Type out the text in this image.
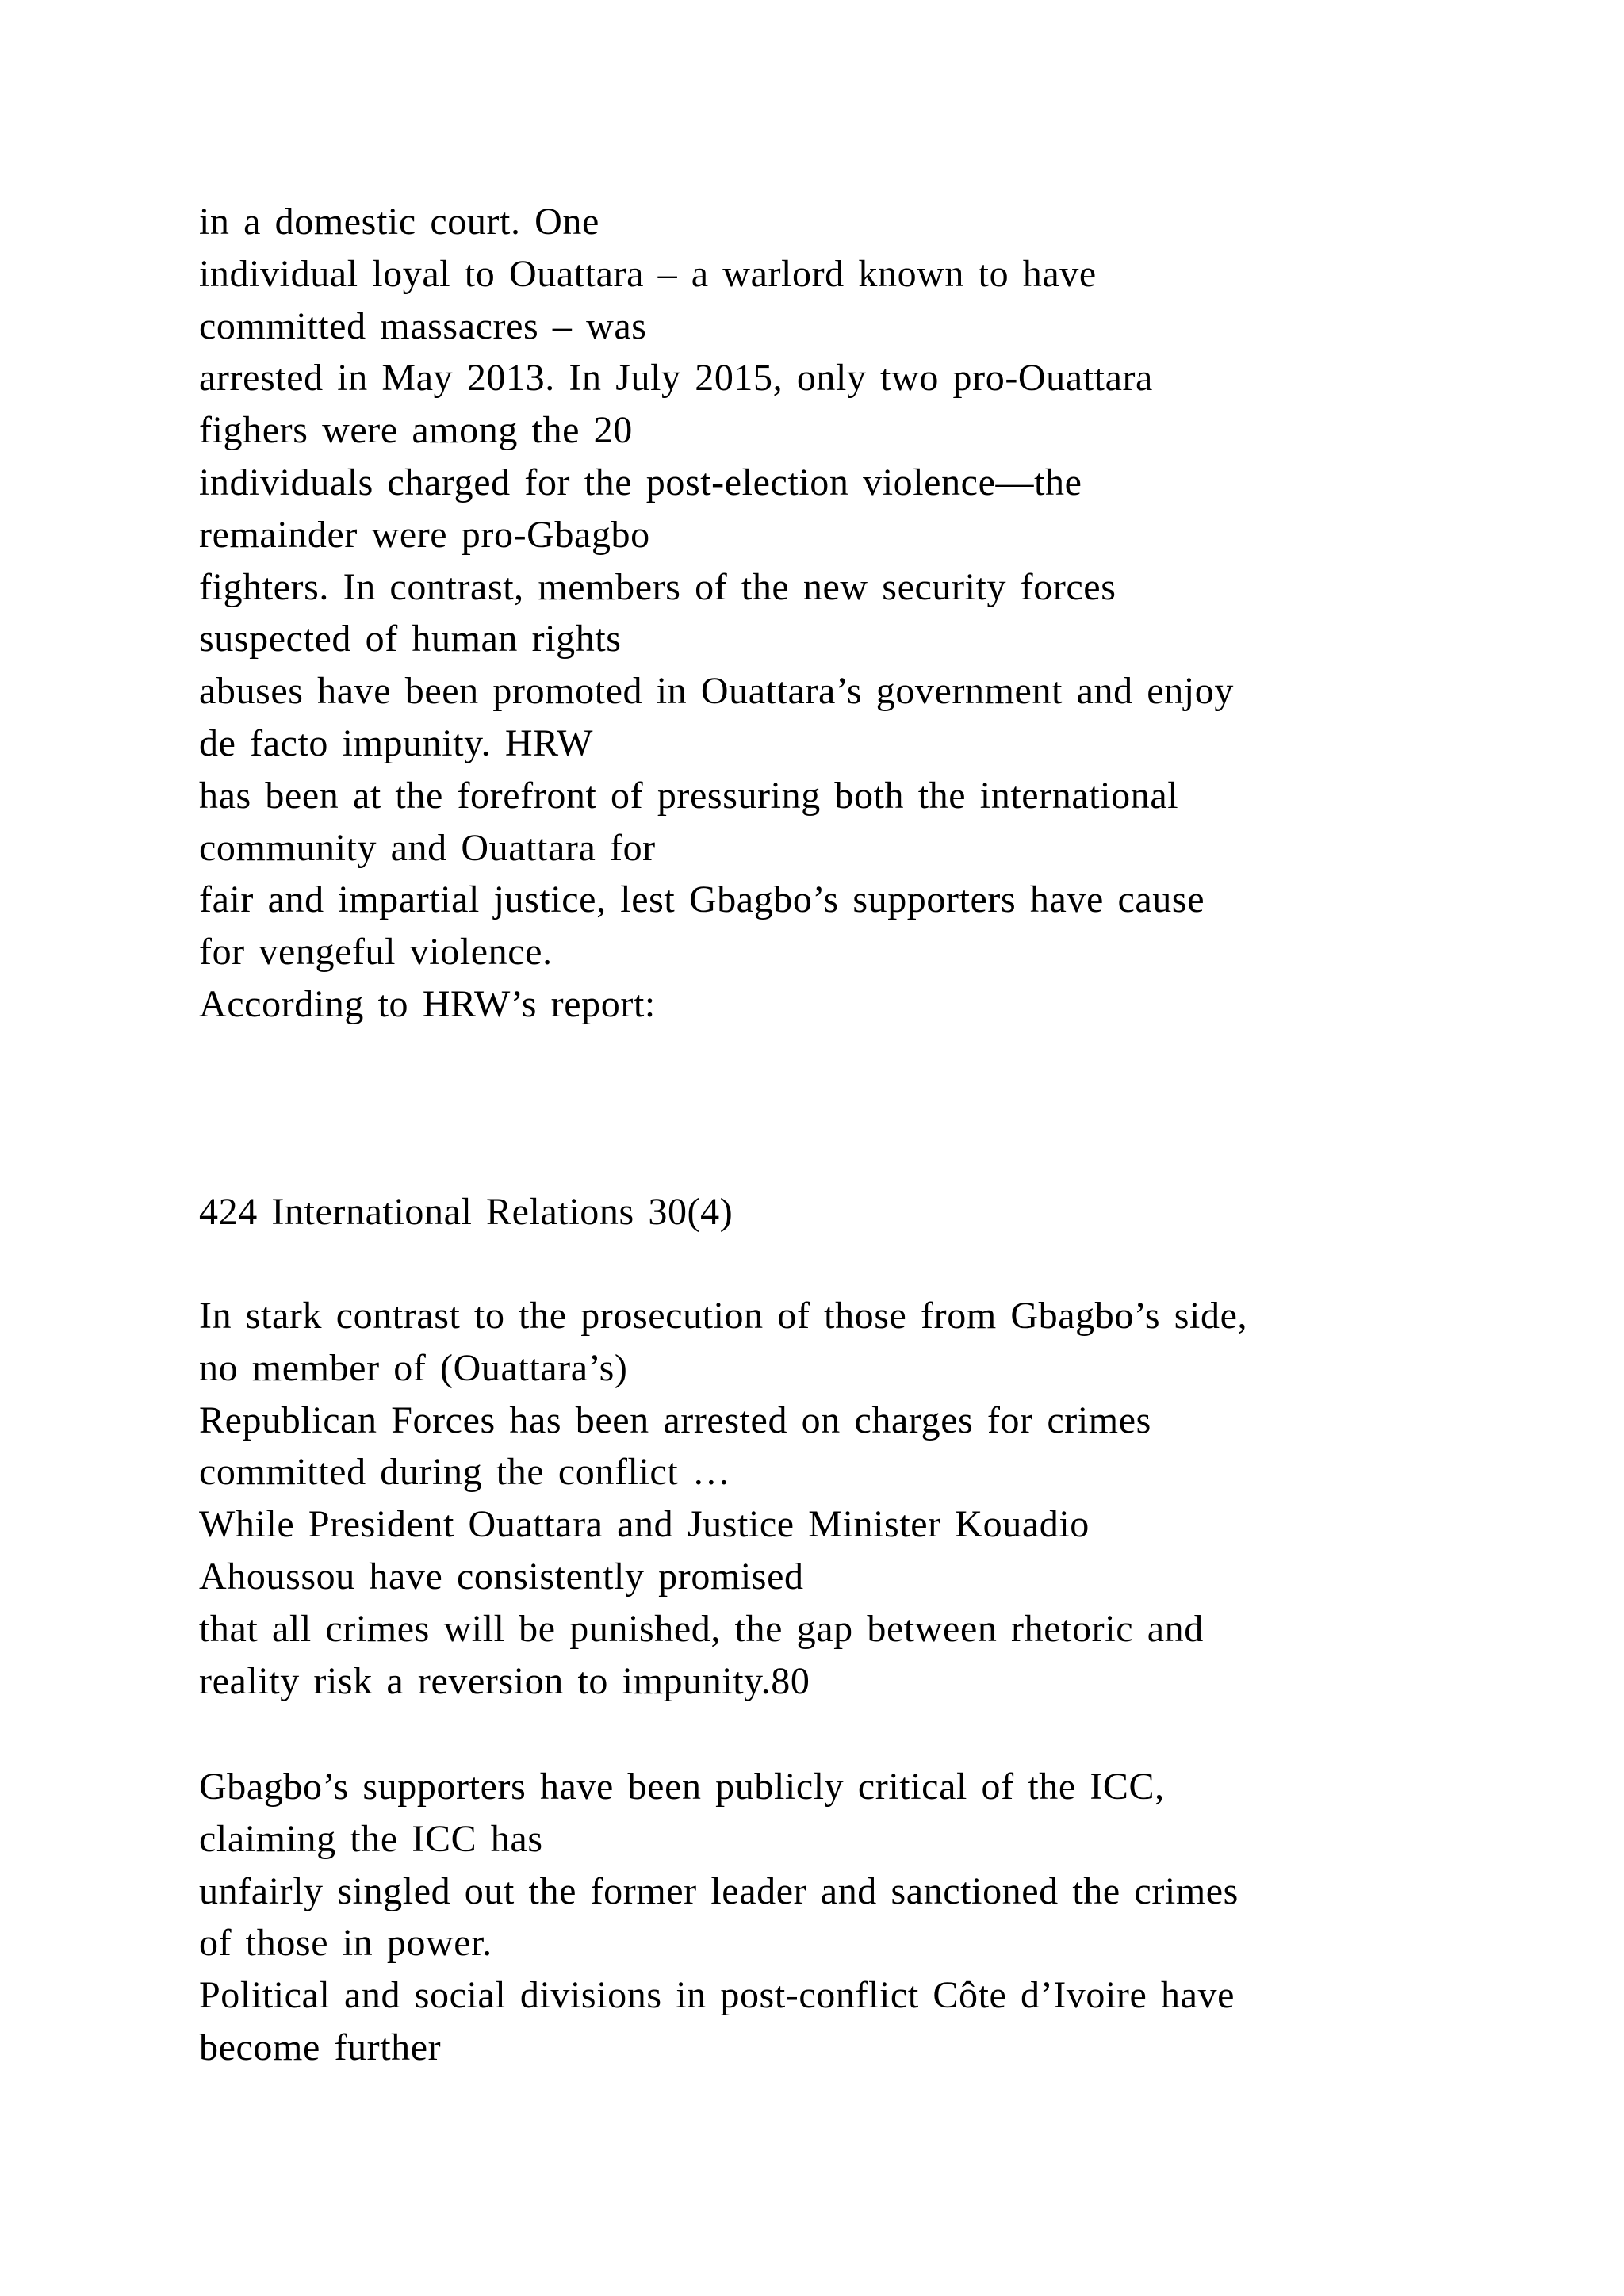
in a domestic court. One
individual loyal to Ouattara – a warlord known to have
committed massacres – was
arrested in May 2013. In July 2015, only two pro-Ouattara
fighers were among the 20
individuals charged for the post-election violence—the
remainder were pro-Gbagbo
fighters. In contrast, members of the new security forces
suspected of human rights
abuses have been promoted in Ouattara’s government and enjoy
de facto impunity. HRW
has been at the forefront of pressuring both the international
community and Ouattara for
fair and impartial justice, lest Gbagbo’s supporters have cause
for vengeful violence.
According to HRW’s report:
424 International Relations 30(4)
In stark contrast to the prosecution of those from Gbagbo’s side,
no member of (Ouattara’s)
Republican Forces has been arrested on charges for crimes
committed during the conflict …
While President Ouattara and Justice Minister Kouadio
Ahoussou have consistently promised
that all crimes will be punished, the gap between rhetoric and
reality risk a reversion to impunity.80
Gbagbo’s supporters have been publicly critical of the ICC,
claiming the ICC has
unfairly singled out the former leader and sanctioned the crimes
of those in power.
Political and social divisions in post-conflict Côte d’Ivoire have
become further
